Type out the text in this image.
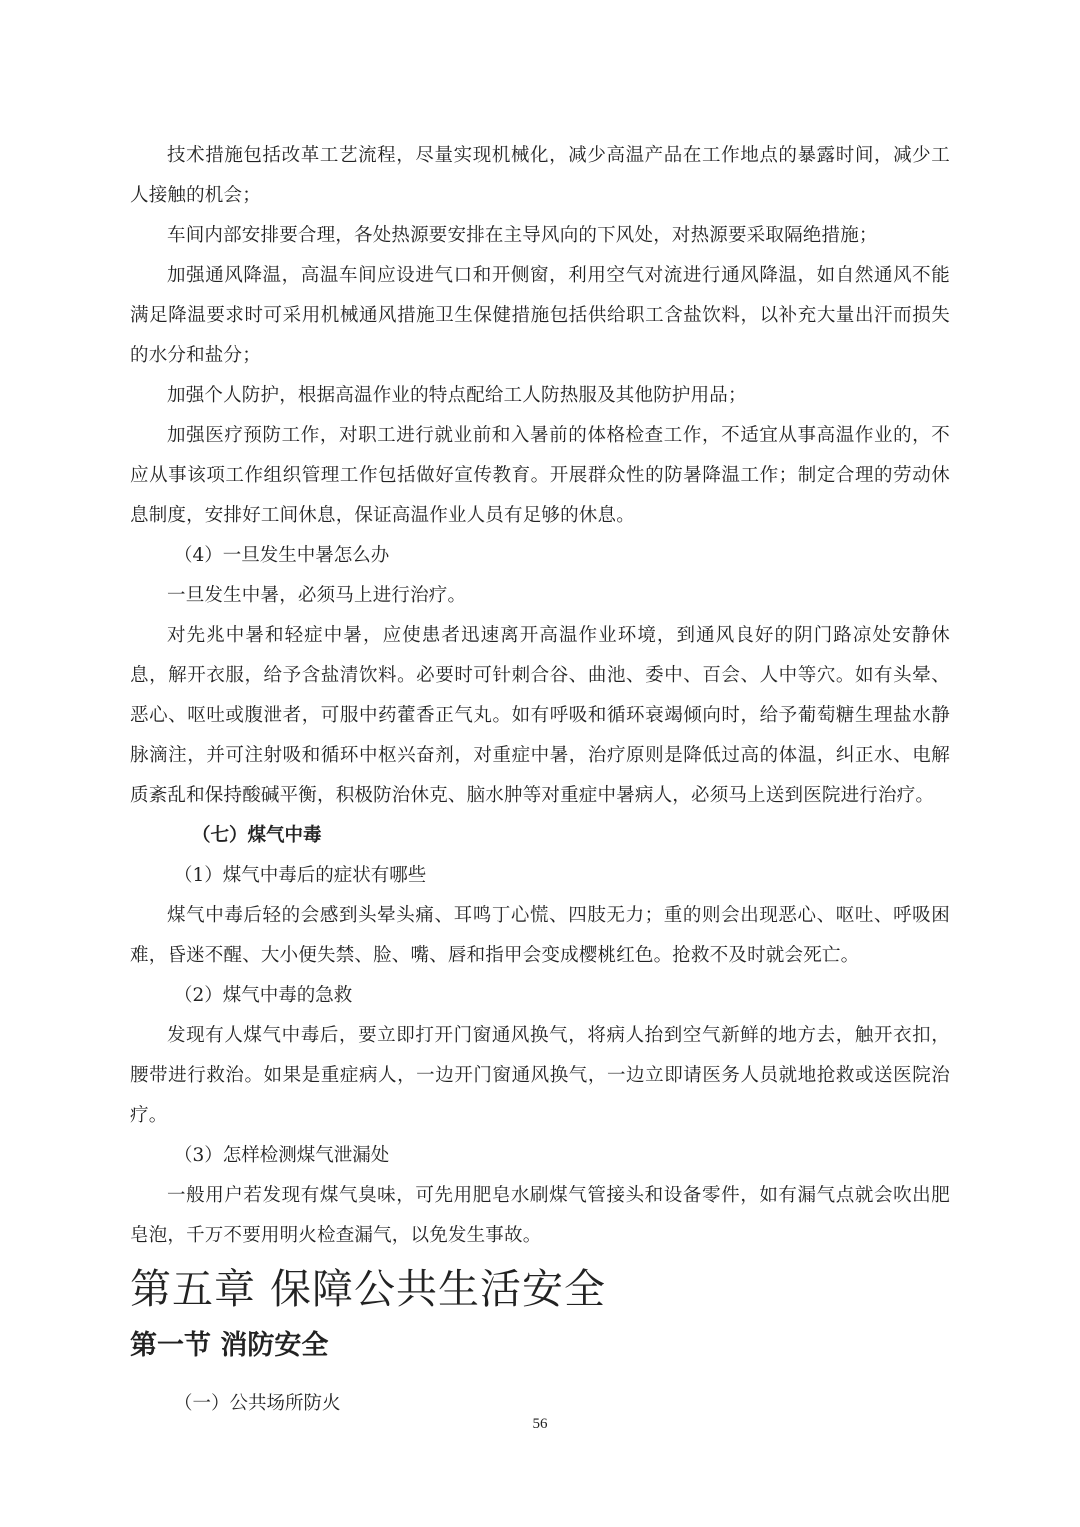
技术措施包括改革工艺流程，尽量实现机械化，减少高温产品在工作地点的暴露时间，减少工人接触的机会；

车间内部安排要合理，各处热源要安排在主导风向的下风处，对热源要采取隔绝措施；

加强通风降温，高温车间应设进气口和开侧窗，利用空气对流进行通风降温，如自然通风不能满足降温要求时可采用机械通风措施卫生保健措施包括供给职工含盐饮料，以补充大量出汗而损失的水分和盐分；

加强个人防护，根据高温作业的特点配给工人防热服及其他防护用品；

加强医疗预防工作，对职工进行就业前和入暑前的体格检查工作，不适宜从事高温作业的，不应从事该项工作组织管理工作包括做好宣传教育。开展群众性的防暑降温工作；制定合理的劳动休息制度，安排好工间休息，保证高温作业人员有足够的休息。

（4）一旦发生中暑怎么办

一旦发生中暑，必须马上进行治疗。

对先兆中暑和轻症中暑，应使患者迅速离开高温作业环境，到通风良好的阴门路凉处安静休息，解开衣服，给予含盐清饮料。必要时可针刺合谷、曲池、委中、百会、人中等穴。如有头晕、恶心、呕吐或腹泄者，可服中药藿香正气丸。如有呼吸和循环衰竭倾向时，给予葡萄糖生理盐水静脉滴注，并可注射吸和循环中枢兴奋剂，对重症中暑，治疗原则是降低过高的体温，纠正水、电解质紊乱和保持酸碱平衡，积极防治休克、脑水肿等对重症中暑病人，必须马上送到医院进行治疗。

（七）煤气中毒

（1）煤气中毒后的症状有哪些

煤气中毒后轻的会感到头晕头痛、耳鸣丁心慌、四肢无力；重的则会出现恶心、呕吐、呼吸困难，昏迷不醒、大小便失禁、脸、嘴、唇和指甲会变成樱桃红色。抢救不及时就会死亡。

（2）煤气中毒的急救

发现有人煤气中毒后，要立即打开门窗通风换气，将病人抬到空气新鲜的地方去，触开衣扣，腰带进行救治。如果是重症病人，一边开门窗通风换气，一边立即请医务人员就地抢救或送医院治疗。

（3）怎样检测煤气泄漏处

一般用户若发现有煤气臭味，可先用肥皂水刷煤气管接头和设备零件，如有漏气点就会吹出肥皂泡，千万不要用明火检查漏气，以免发生事故。

第五章 保障公共生活安全
第一节 消防安全

（一）公共场所防火

56
